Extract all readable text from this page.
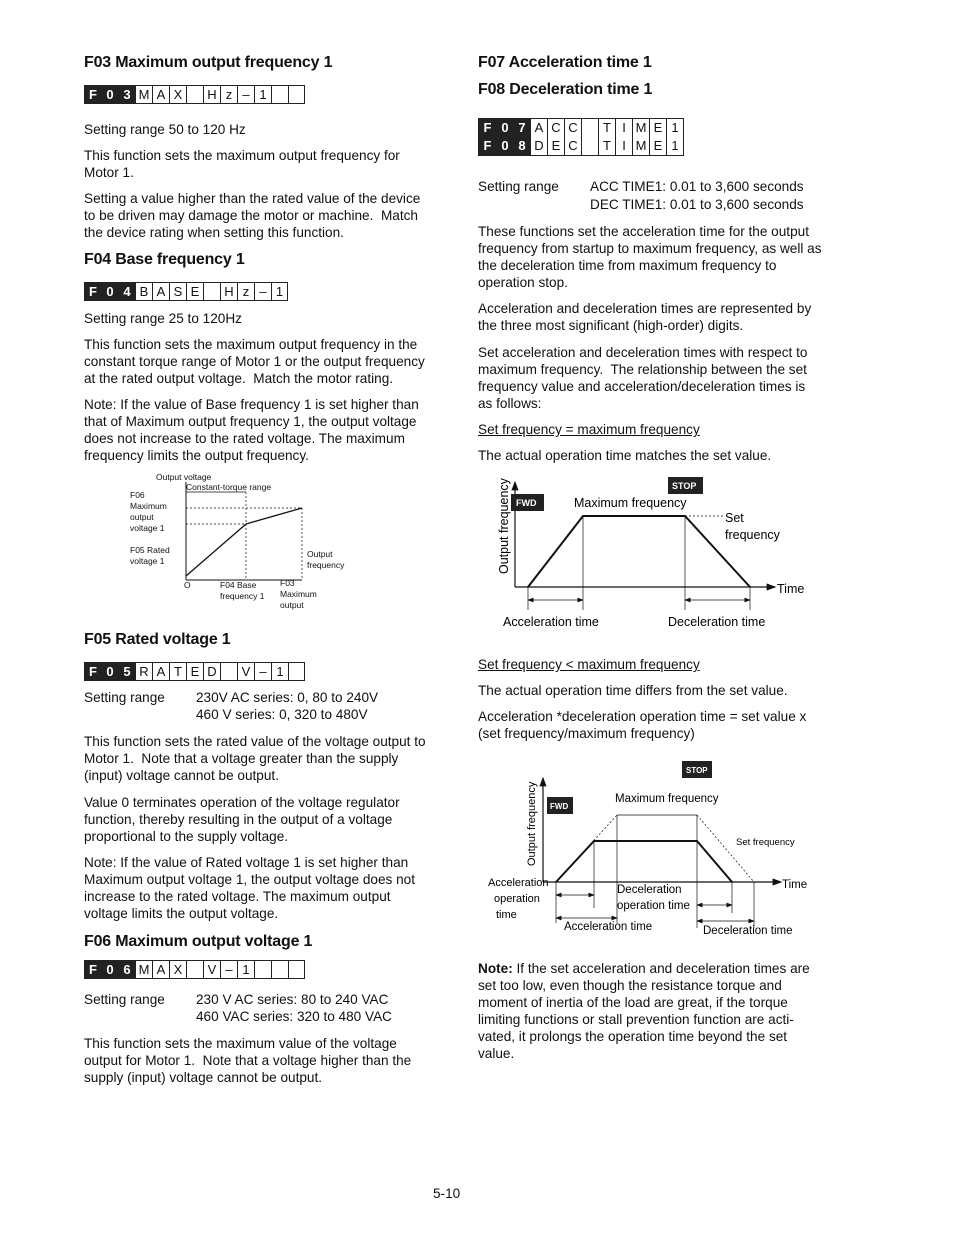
F03 Maximum output frequency 1
F 0 3 M A X	H z – 1
Setting range 50 to 120 Hz
This function sets the maximum output frequency for
Motor 1.
Setting a value higher than the rated value of the device
to be driven may damage the motor or machine.  Match
the device rating when setting this function.
F04 Base frequency 1
F 0 4 B A S E	H z – 1
Setting range 25 to 120Hz
This function sets the maximum output frequency in the
constant torque range of Motor 1 or the output frequency
at the rated output voltage.  Match the motor rating.
Note: If the value of Base frequency 1 is set higher than
that of Maximum output frequency 1, the output voltage
does not increase to the rated voltage. The maximum
frequency limits the output frequency.
Output voltage
Constant-torque range
F06
Maximum
output
voltage 1
F05 Rated
voltage 1
Output
frequency
O	F04 Base
frequency 1
F03
Maximum
output
F05 Rated voltage 1
F 0 5 R A T E D	V – 1
Setting range 230V AC series: 0, 80 to 240V
460 V series: 0, 320 to 480V
This function sets the rated value of the voltage output to
Motor 1.  Note that a voltage greater than the supply
(input) voltage cannot be output.
Value 0 terminates operation of the voltage regulator
function, thereby resulting in the output of a voltage
proportional to the supply voltage.
Note: If the value of Rated voltage 1 is set higher than
Maximum output voltage 1, the output voltage does not
increase to the rated voltage. The maximum output
voltage limits the output voltage.
F06 Maximum output voltage 1
F 0 6 M A X	V – 1
Setting range 230 V AC series: 80 to 240 VAC
460 VAC series: 320 to 480 VAC
This function sets the maximum value of the voltage
output for Motor 1.  Note that a voltage higher than the
supply (input) voltage cannot be output.
F07 Acceleration time 1
F08 Deceleration time 1
F 0 7 A C C	T I M E 1
F 0 8 D E C	T I M E 1
Setting range ACC TIME1: 0.01 to 3,600 seconds
DEC TIME1: 0.01 to 3,600 seconds
These functions set the acceleration time for the output
frequency from startup to maximum frequency, as well as
the deceleration time from maximum frequency to
operation stop.
Acceleration and deceleration times are represented by
the three most significant (high-order) digits.
Set acceleration and deceleration times with respect to
maximum frequency.  The relationship between the set
frequency value and acceleration/deceleration times is
as follows:
Set frequency = maximum frequency
The actual operation time matches the set value.
Output frequency FWD
STOP
Maximum frequency
Set
frequency
Time
Acceleration time	Deceleration time
Set frequency < maximum frequency
The actual operation time differs from the set value.
Acceleration *deceleration operation time = set value x
(set frequency/maximum frequency)
Output frequency FWD
STOP
Maximum frequency
Set frequency
Time
Acceleration
operation
time
Deceleration
operation time
Acceleration time	Deceleration time
Note: If the set acceleration and deceleration times are
set too low, even though the resistance torque and
moment of inertia of the load are great, if the torque
limiting functions or stall prevention function are acti-
vated, it prolongs the operation time beyond the set
value.
5-10
